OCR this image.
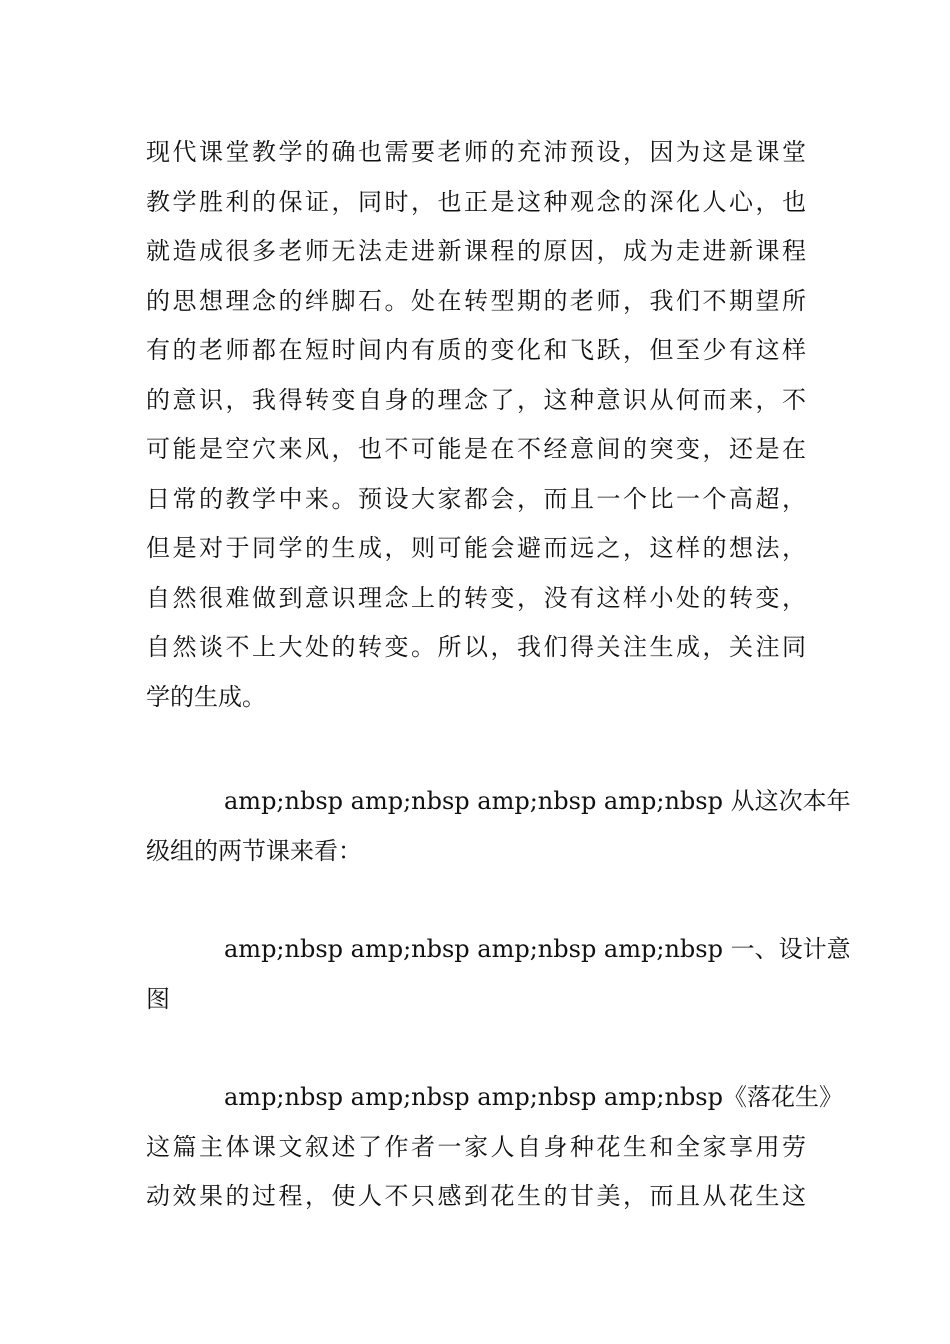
现代课堂教学的确也需要老师的充沛预设，因为这是课堂
教学胜利的保证，同时，也正是这种观念的深化人心，也
就造成很多老师无法走进新课程的原因，成为走进新课程
的思想理念的绊脚石。处在转型期的老师，我们不期望所
有的老师都在短时间内有质的变化和飞跃，但至少有这样
的意识，我得转变自身的理念了，这种意识从何而来，不
可能是空穴来风，也不可能是在不经意间的突变，还是在
日常的教学中来。预设大家都会，而且一个比一个高超，
但是对于同学的生成，则可能会避而远之，这样的想法，
自然很难做到意识理念上的转变，没有这样小处的转变，
自然谈不上大处的转变。所以，我们得关注生成，关注同
学的生成。
amp;nbsp amp;nbsp amp;nbsp amp;nbsp 从这次本年
级组的两节课来看：
amp;nbsp amp;nbsp amp;nbsp amp;nbsp 一、设计意
图
amp;nbsp amp;nbsp amp;nbsp amp;nbsp《落花生》
这篇主体课文叙述了作者一家人自身种花生和全家享用劳
动效果的过程，使人不只感到花生的甘美，而且从花生这
